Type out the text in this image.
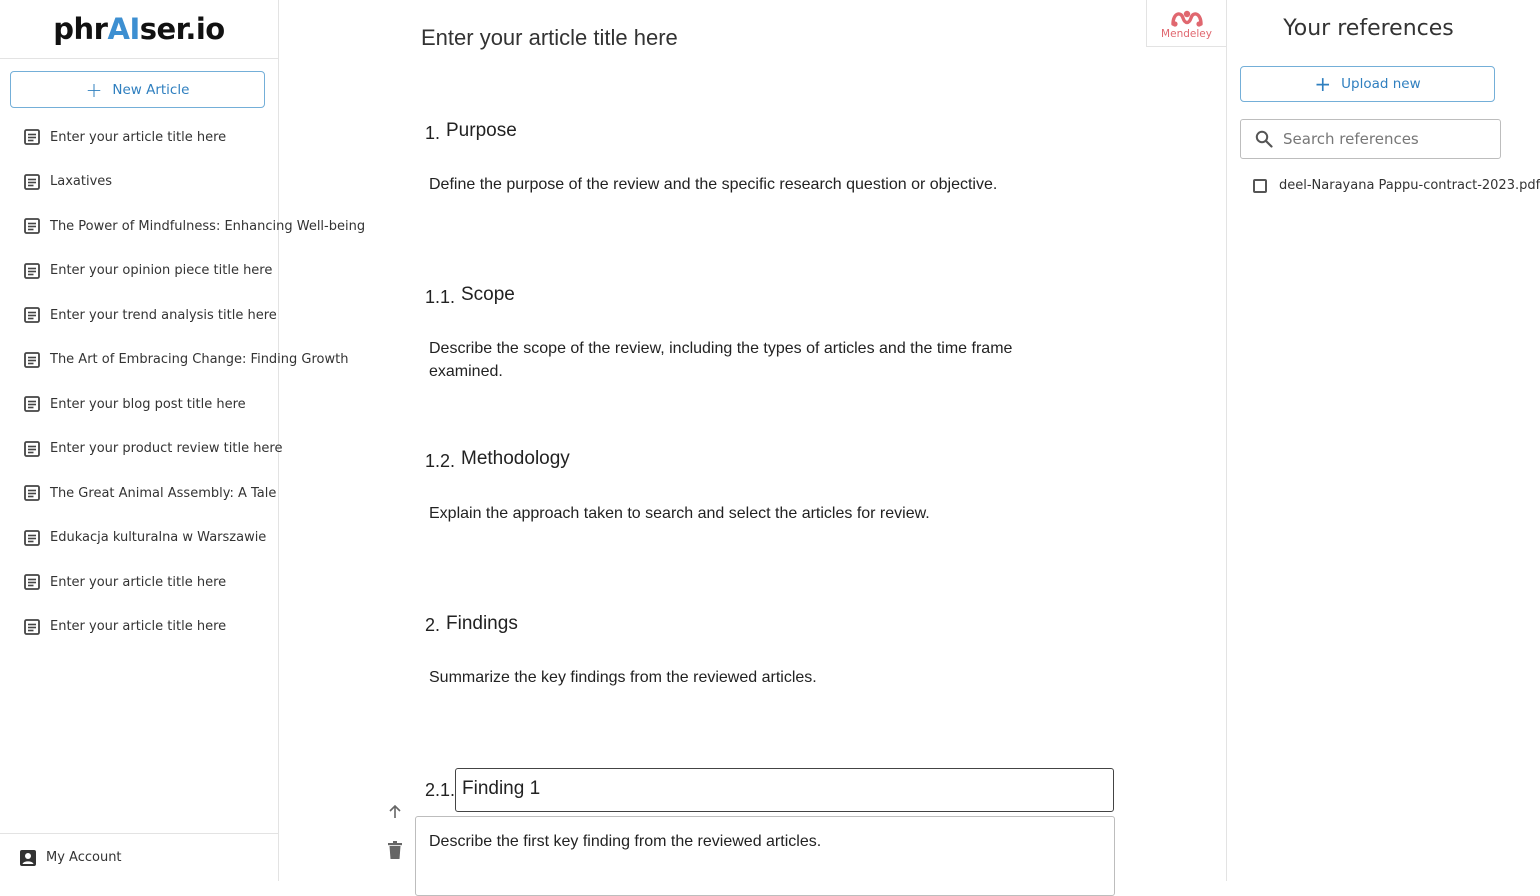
phr AI ser.io
+ New Article
Enter your article title here
Laxatives
The Power of Mindfulness: Enhancing Well-being
Enter your opinion piece title here
Enter your trend analysis title here
The Art of Embracing Change: Finding Growth
Enter your blog post title here
Enter your product review title here
The Great Animal Assembly: A Tale
Edukacja kulturalna w Warszawie
Enter your article title here
Enter your article title here
My Account
Enter your article title here	Mendeley
1. Purpose
Define the purpose of the review and the specific research question or objective.
1.1. Scope
Describe the scope of the review, including the types of articles and the time frame examined.
1.2. Methodology
Explain the approach taken to search and select the articles for review.
2. Findings
Summarize the key findings from the reviewed articles.
2.1. Finding 1
Describe the first key finding from the reviewed articles.
Your references
+ Upload new
Search references
deel-Narayana Pappu-contract-2023.pdf
